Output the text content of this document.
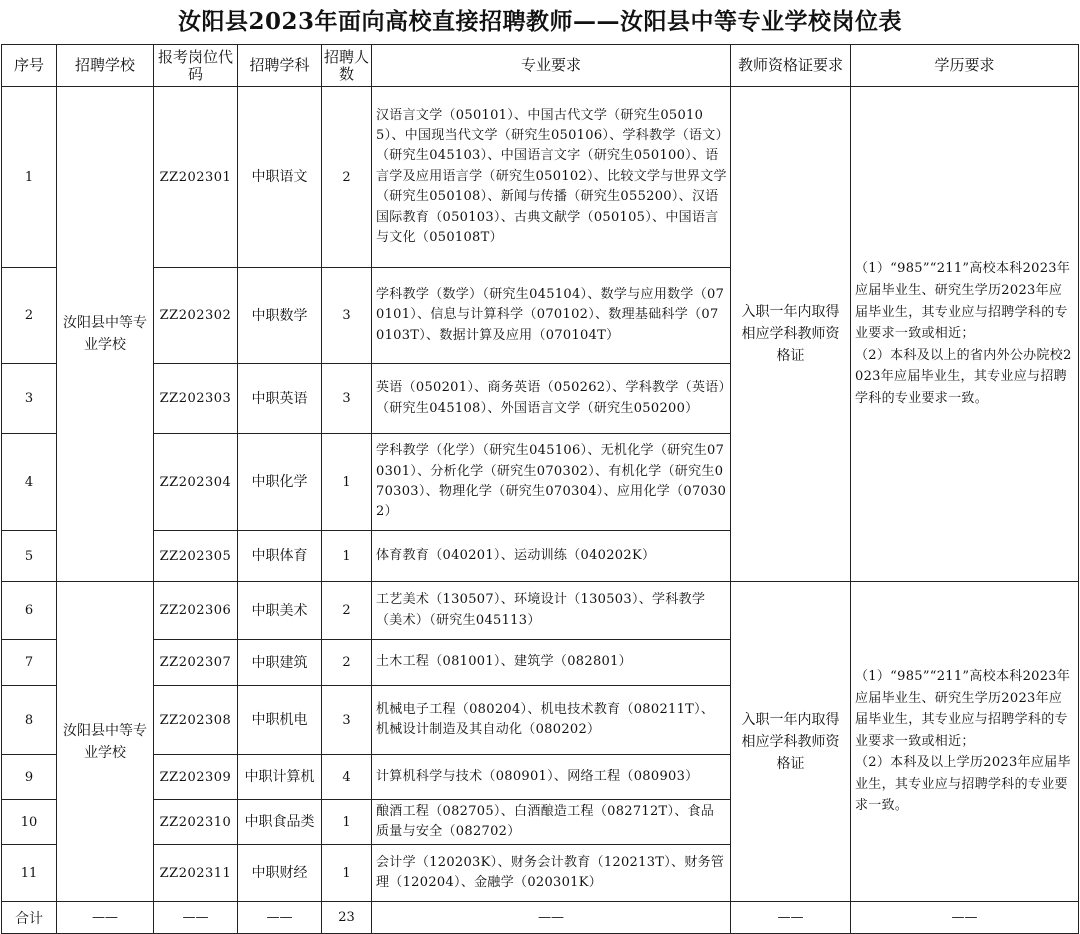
汝阳县2023年面向高校直接招聘教师——汝阳县中等专业学校岗位表
序号	招聘学校	报考岗位代码	招聘学科	招聘人数	专业要求	教师资格证要求	学历要求
1	汝阳县中等专业学校	ZZ202301	中职语文	2	汉语言文学（050101）、中国古代文学（研究生050105）、中国现当代文学（研究生050106）、学科教学（语文）（研究生045103）、中国语言文字（研究生050100）、语言学及应用语言学（研究生050102）、比较文学与世界文学（研究生050108）、新闻与传播（研究生055200）、汉语国际教育（050103）、古典文献学（050105）、中国语言与文化（050108T）	入职一年内取得相应学科教师资格证	（1）“985”“211”高校本科2023年应届毕业生、研究生学历2023年应届毕业生，其专业应与招聘学科的专业要求一致或相近；
（2）本科及以上的省内外公办院校2023年应届毕业生，其专业应与招聘学科的专业要求一致。
2		ZZ202302	中职数学	3	学科教学（数学）（研究生045104）、数学与应用数学（070101）、信息与计算科学（070102）、数理基础科学（070103T）、数据计算及应用（070104T）		
3		ZZ202303	中职英语	3	英语（050201）、商务英语（050262）、学科教学（英语）（研究生045108）、外国语言文学（研究生050200）		
4		ZZ202304	中职化学	1	学科教学（化学）（研究生045106）、无机化学（研究生070301）、分析化学（研究生070302）、有机化学（研究生070303）、物理化学（研究生070304）、应用化学（070302）		
5		ZZ202305	中职体育	1	体育教育（040201）、运动训练（040202K）		
6	汝阳县中等专业学校	ZZ202306	中职美术	2	工艺美术（130507）、环境设计（130503）、学科教学（美术）（研究生045113）	入职一年内取得相应学科教师资格证	（1）“985”“211”高校本科2023年应届毕业生、研究生学历2023年应届毕业生，其专业应与招聘学科的专业要求一致或相近；
（2）本科及以上学历2023年应届毕业生，其专业应与招聘学科的专业要求一致。
7		ZZ202307	中职建筑	2	土木工程（081001）、建筑学（082801）		
8		ZZ202308	中职机电	3	机械电子工程（080204）、机电技术教育（080211T）、机械设计制造及其自动化（080202）		
9		ZZ202309	中职计算机	4	计算机科学与技术（080901）、网络工程（080903）		
10		ZZ202310	中职食品类	1	酿酒工程（082705）、白酒酿造工程（082712T）、食品质量与安全（082702）		
11		ZZ202311	中职财经	1	会计学（120203K）、财务会计教育（120213T）、财务管理（120204）、金融学（020301K）		
合计	——	——	——	23	——	——	——
